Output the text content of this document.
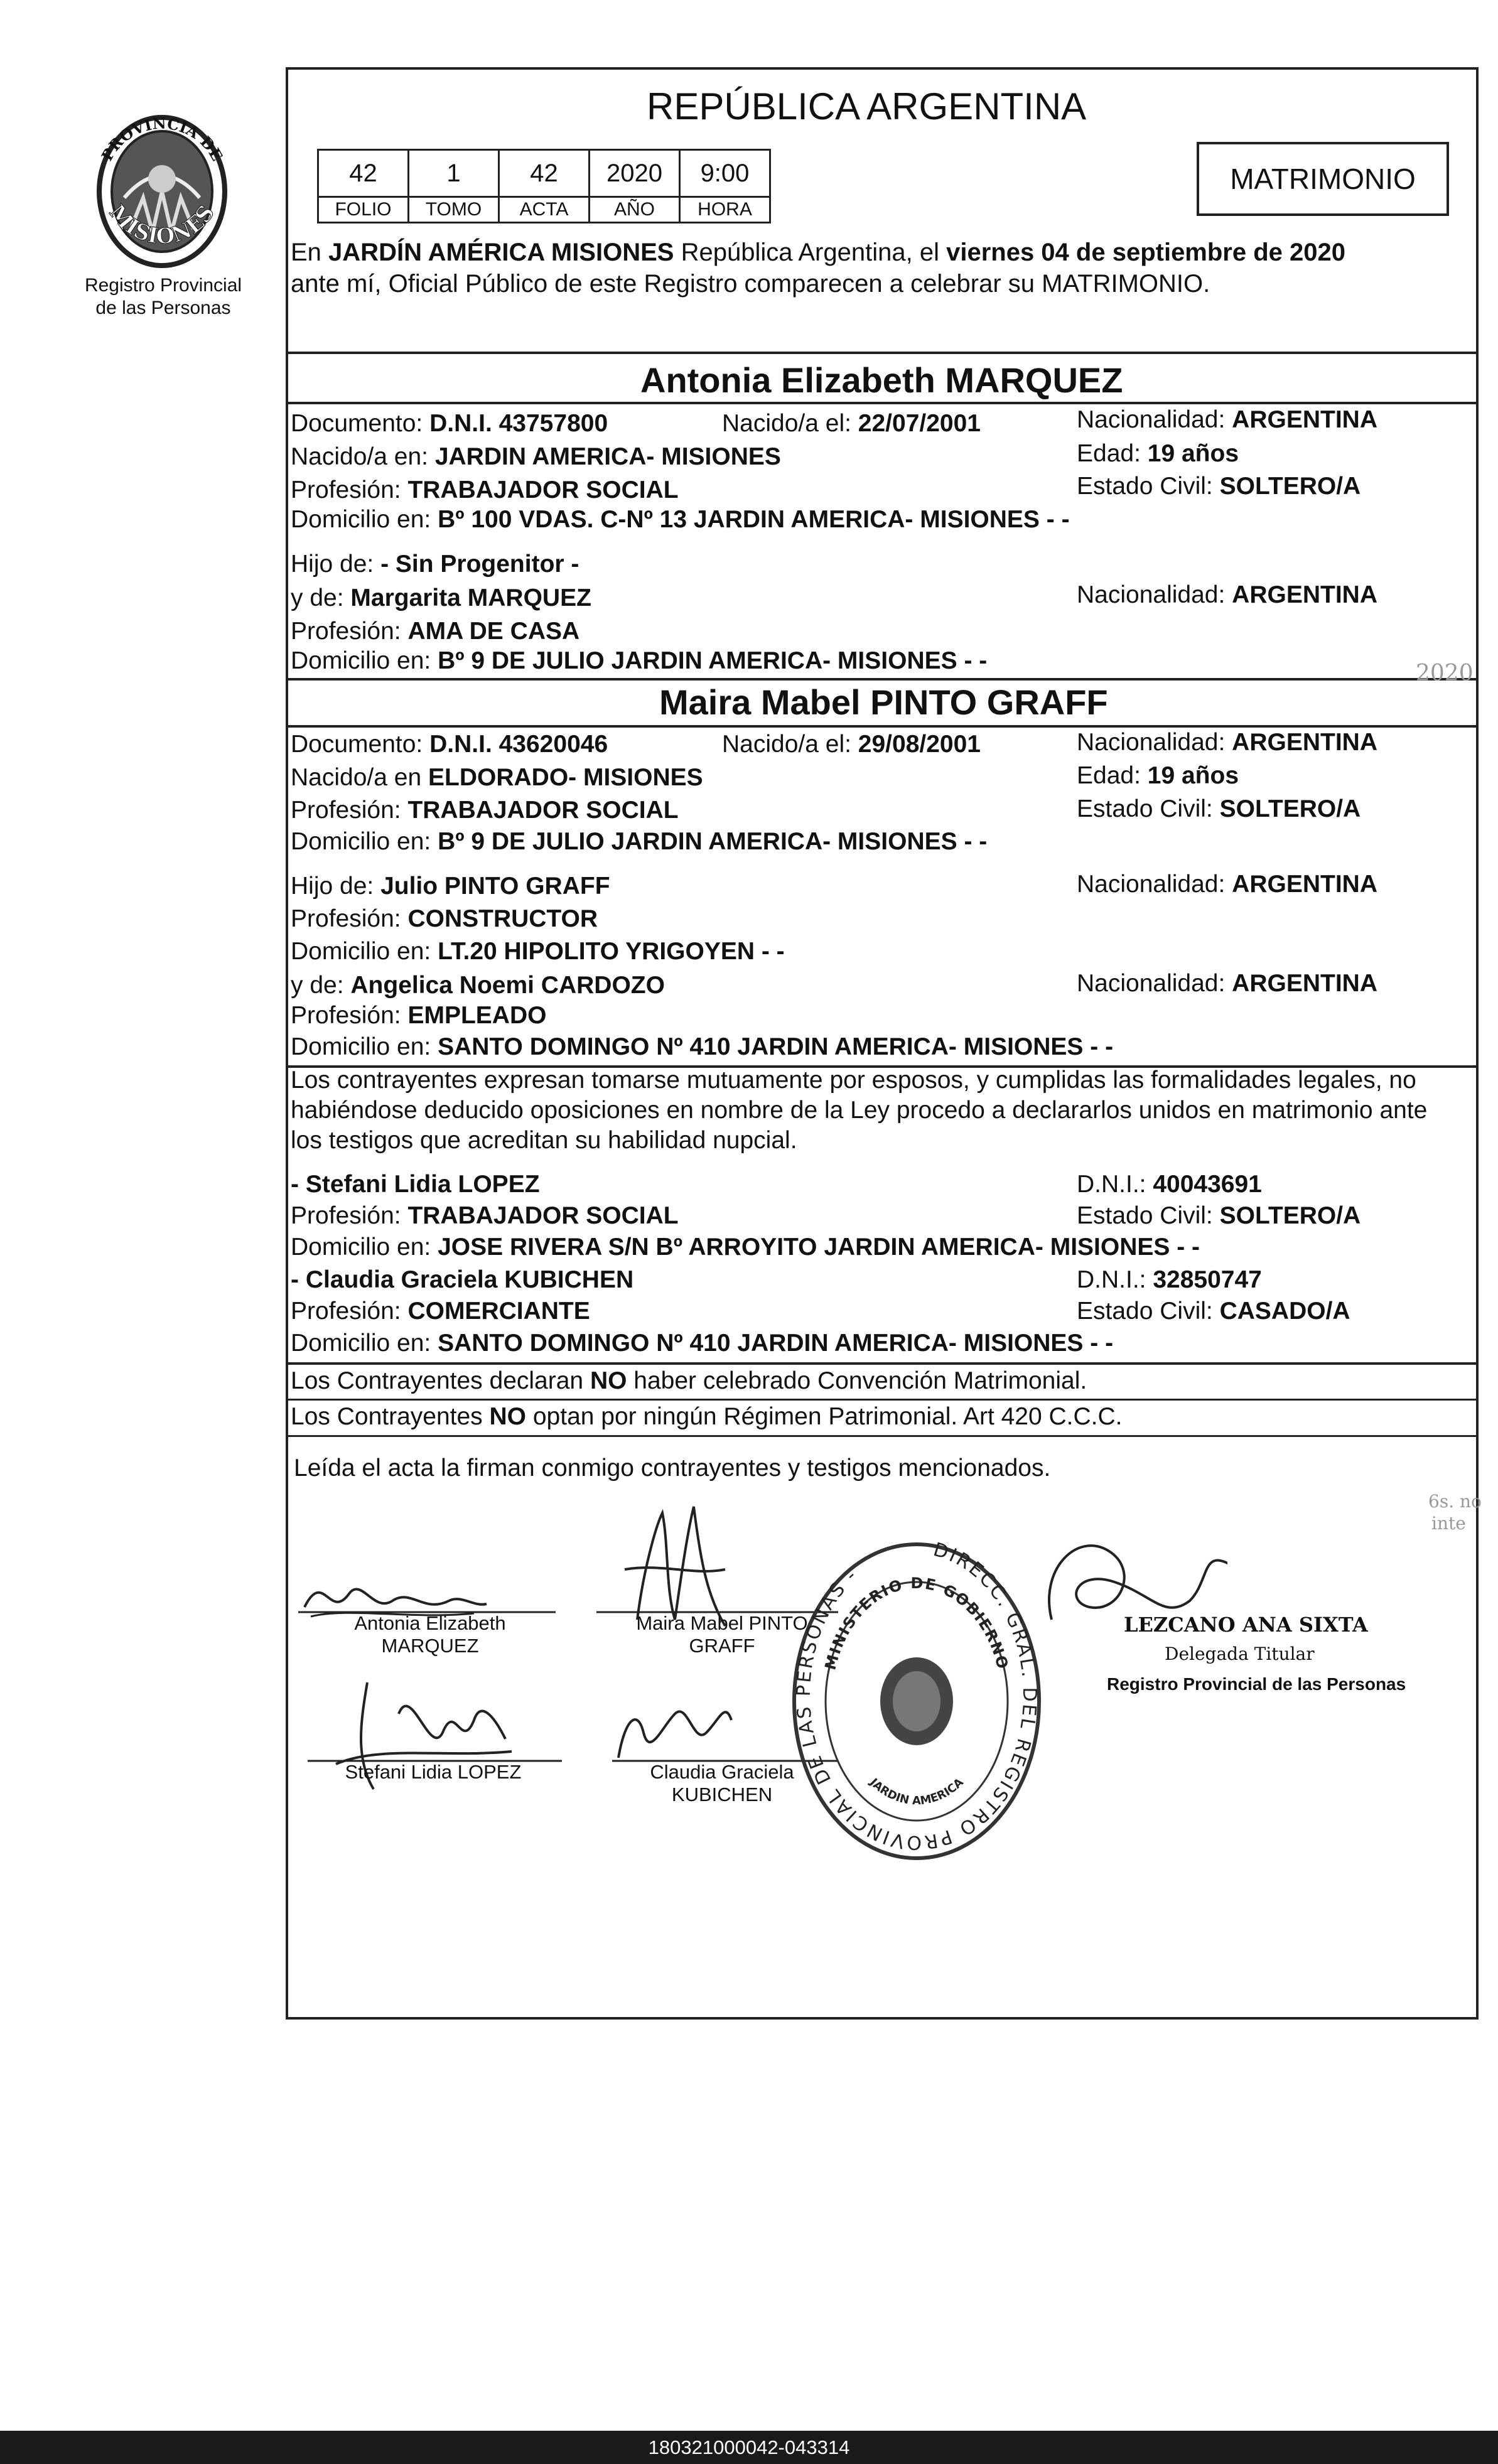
PROVINCIA DE
MISIONES
Registro Provincial
de las Personas
REPÚBLICA ARGENTINA
42	1	42	2020	9:00
FOLIO	TOMO	ACTA	AÑO	HORA
MATRIMONIO
En JARDÍN AMÉRICA MISIONES República Argentina, el viernes 04 de septiembre de 2020
ante mí, Oficial Público de este Registro comparecen a celebrar su MATRIMONIO.
Antonia Elizabeth MARQUEZ
Documento: D.N.I. 43757800	Nacido/a el: 22/07/2001	Nacionalidad: ARGENTINA
Nacido/a en: JARDIN AMERICA- MISIONES	Edad: 19 años
Profesión: TRABAJADOR SOCIAL	Estado Civil: SOLTERO/A
Domicilio en: Bº 100 VDAS. C-Nº 13 JARDIN AMERICA- MISIONES - -
Hijo de: - Sin Progenitor -
y de: Margarita MARQUEZ	Nacionalidad: ARGENTINA
Profesión: AMA DE CASA
Domicilio en: Bº 9 DE JULIO JARDIN AMERICA- MISIONES - -
Maira Mabel PINTO GRAFF
Documento: D.N.I. 43620046	Nacido/a el: 29/08/2001	Nacionalidad: ARGENTINA
Nacido/a en ELDORADO- MISIONES	Edad: 19 años
Profesión: TRABAJADOR SOCIAL	Estado Civil: SOLTERO/A
Domicilio en: Bº 9 DE JULIO JARDIN AMERICA- MISIONES - -
Hijo de: Julio PINTO GRAFF	Nacionalidad: ARGENTINA
Profesión: CONSTRUCTOR
Domicilio en: LT.20 HIPOLITO YRIGOYEN - -
y de: Angelica Noemi CARDOZO	Nacionalidad: ARGENTINA
Profesión: EMPLEADO
Domicilio en: SANTO DOMINGO Nº 410 JARDIN AMERICA- MISIONES - -
Los contrayentes expresan tomarse mutuamente por esposos, y cumplidas las formalidades legales, no
habiéndose deducido oposiciones en nombre de la Ley procedo a declararlos unidos en matrimonio ante
los testigos que acreditan su habilidad nupcial.
- Stefani Lidia LOPEZ	D.N.I.: 40043691
Profesión: TRABAJADOR SOCIAL	Estado Civil: SOLTERO/A
Domicilio en: JOSE RIVERA S/N Bº ARROYITO JARDIN AMERICA- MISIONES - -
- Claudia Graciela KUBICHEN	D.N.I.: 32850747
Profesión: COMERCIANTE	Estado Civil: CASADO/A
Domicilio en: SANTO DOMINGO Nº 410 JARDIN AMERICA- MISIONES - -
Los Contrayentes declaran NO haber celebrado Convención Matrimonial.
Los Contrayentes NO optan por ningún Régimen Patrimonial. Art 420 C.C.C.
Leída el acta la firman conmigo contrayentes y testigos mencionados.
Antonia Elizabeth
MARQUEZ
Maira Mabel PINTO
GRAFF
Stefani Lidia LOPEZ	Claudia Graciela
KUBICHEN
DIRECC. GRAL. DEL REGISTRO PROVINCIAL DE LAS PERSONAS -
MINISTERIO DE GOBIERNO
JARDIN AMERICA
LEZCANO ANA SIXTA
Delegada Titular
Registro Provincial de las Personas
2020
6s. no
inte
180321000042-043314
